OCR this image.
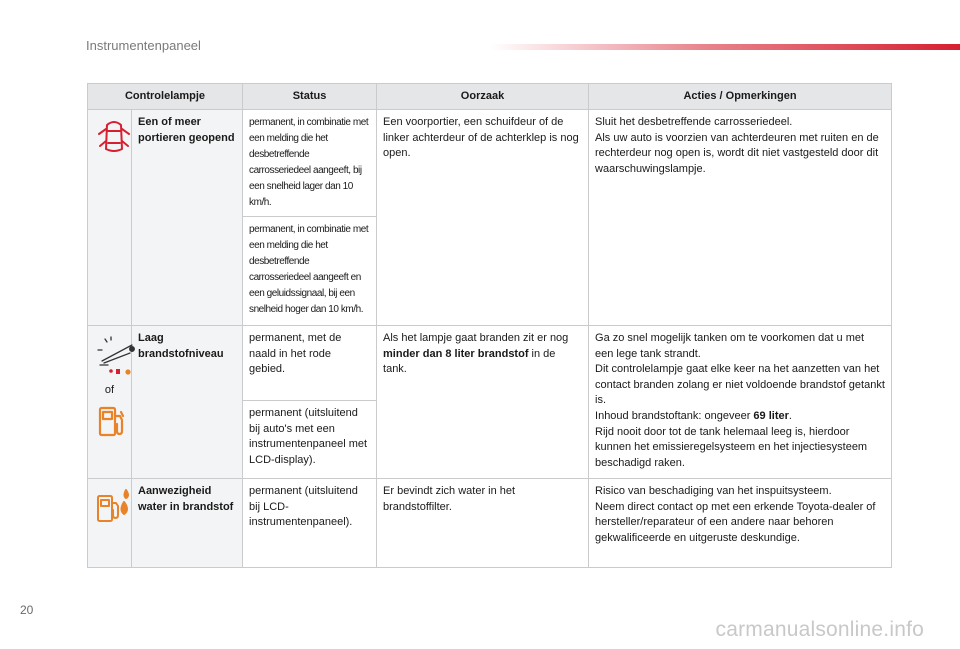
Instrumentenpaneel
Controlelampje		Status	Oorzaak	Acties / Opmerkingen

	Een of meer portieren geopend	permanent, in combinatie met een melding die het desbetreffende carrosseriedeel aangeeft, bij een snelheid lager dan 10 km/h.	Een voorportier, een schuifdeur of de linker achterdeur of de achterklep is nog open.	Sluit het desbetreffende carrosseriedeel.
Als uw auto is voorzien van achterdeuren met ruiten en de rechterdeur nog open is, wordt dit niet vastgesteld door dit waarschuwingslampje.

		permanent, in combinatie met een melding die het desbetreffende carrosseriedeel aangeeft en een geluidssignaal, bij een snelheid hoger dan 10 km/h.		

of	Laag brandstofniveau	permanent, met de naald in het rode gebied.	Als het lampje gaat branden zit er nog minder dan 8 liter brandstof in de tank.	Ga zo snel mogelijk tanken om te voorkomen dat u met een lege tank strandt.
Dit controlelampje gaat elke keer na het aanzetten van het contact branden zolang er niet voldoende brandstof getankt is.
Inhoud brandstoftank: ongeveer 69 liter.
Rijd nooit door tot de tank helemaal leeg is, hierdoor kunnen het emissieregelsysteem en het injectiesysteem beschadigd raken.

		permanent (uitsluitend bij auto's met een instrumentenpaneel met LCD-display).		

	Aanwezigheid water in brandstof	permanent (uitsluitend bij LCD-instrumentenpaneel).	Er bevindt zich water in het brandstoffilter.	Risico van beschadiging van het inspuitsysteem.
Neem direct contact op met een erkende Toyota-dealer of hersteller/reparateur of een andere naar behoren gekwalificeerde en uitgeruste deskundige.
20
carmanualsonline.info
